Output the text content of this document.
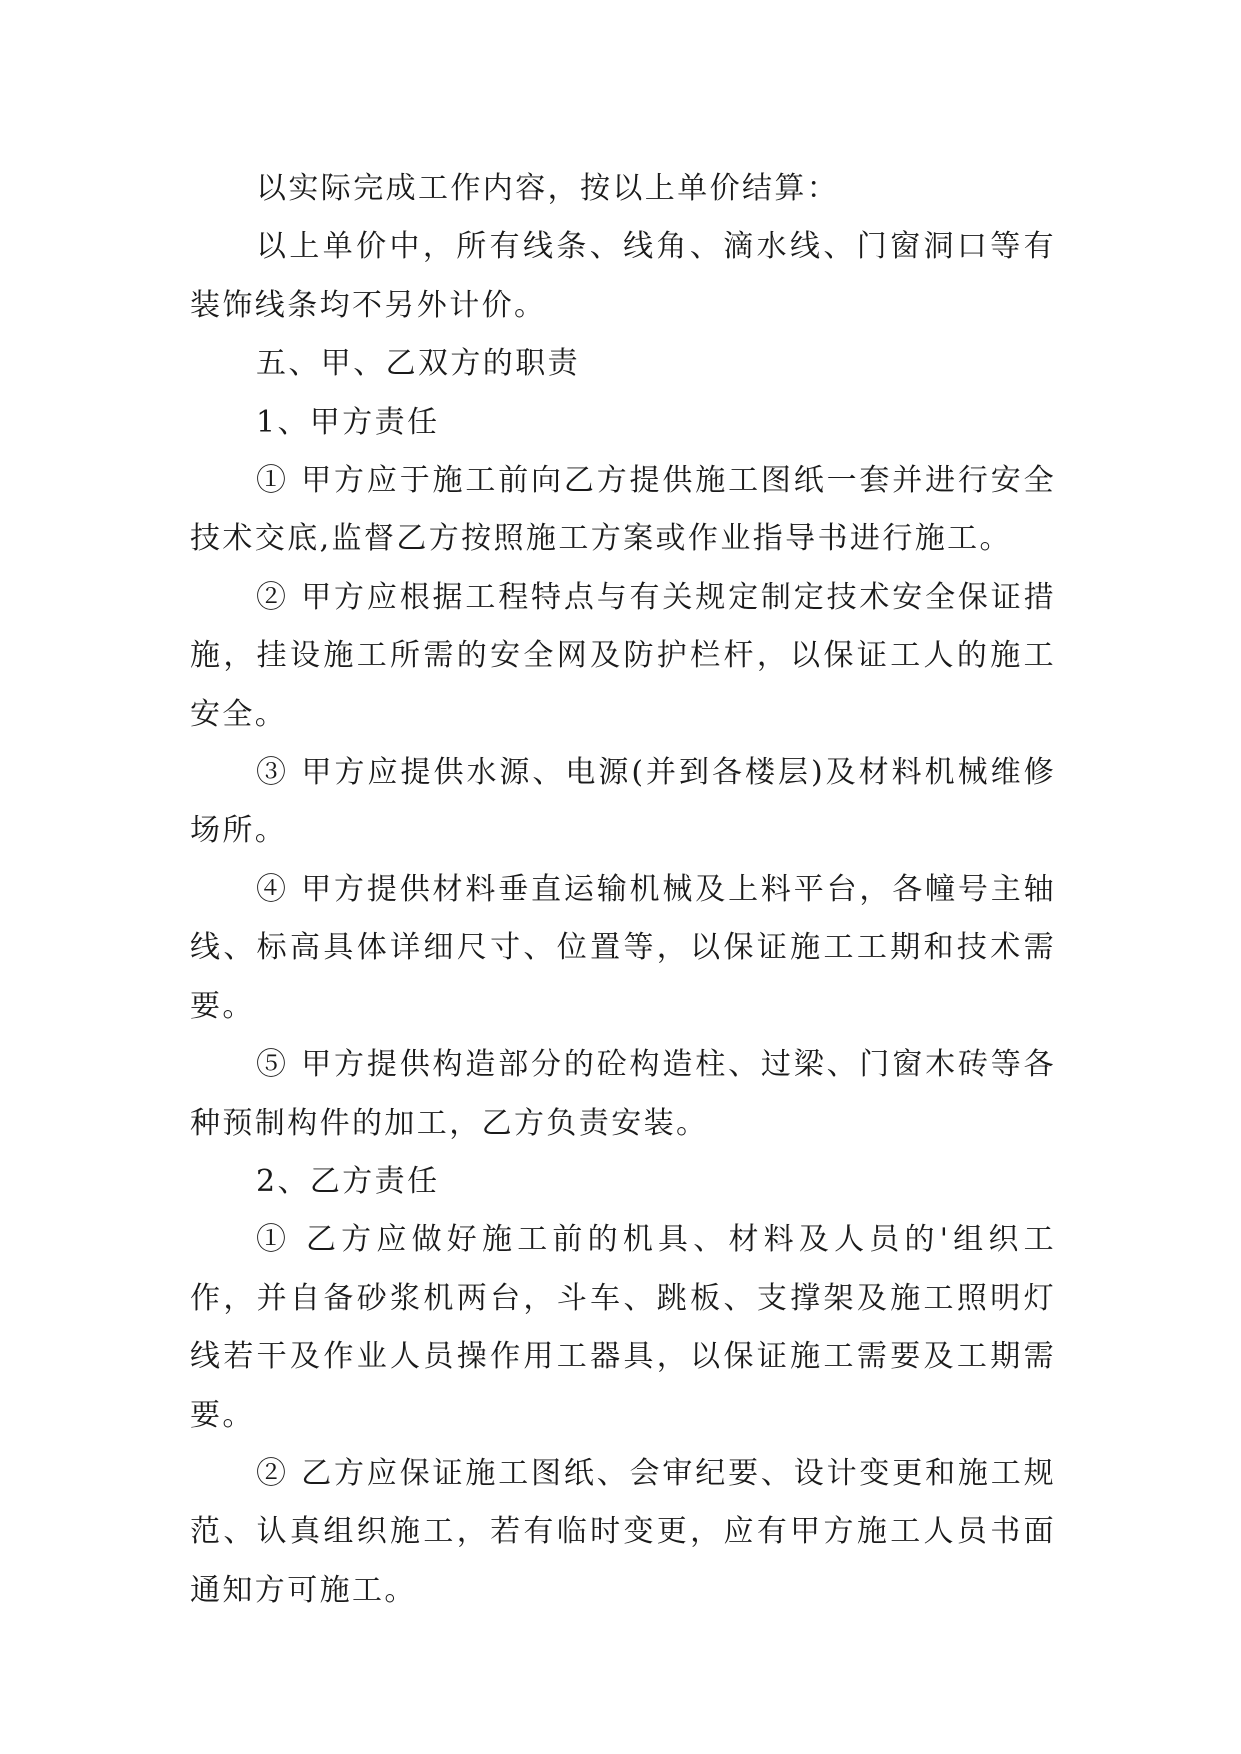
以实际完成工作内容，按以上单价结算：

以上单价中，所有线条、线角、滴水线、门窗洞口等有装饰线条均不另外计价。

五、甲、乙双方的职责

1、甲方责任

① 甲方应于施工前向乙方提供施工图纸一套并进行安全技术交底,监督乙方按照施工方案或作业指导书进行施工。

② 甲方应根据工程特点与有关规定制定技术安全保证措施，挂设施工所需的安全网及防护栏杆，以保证工人的施工安全。

③ 甲方应提供水源、电源(并到各楼层)及材料机械维修场所。

④ 甲方提供材料垂直运输机械及上料平台，各幢号主轴线、标高具体详细尺寸、位置等，以保证施工工期和技术需要。

⑤ 甲方提供构造部分的砼构造柱、过梁、门窗木砖等各种预制构件的加工，乙方负责安装。

2、乙方责任

① 乙方应做好施工前的机具、材料及人员的'组织工作，并自备砂浆机两台，斗车、跳板、支撑架及施工照明灯线若干及作业人员操作用工器具，以保证施工需要及工期需要。

② 乙方应保证施工图纸、会审纪要、设计变更和施工规范、认真组织施工，若有临时变更，应有甲方施工人员书面通知方可施工。
